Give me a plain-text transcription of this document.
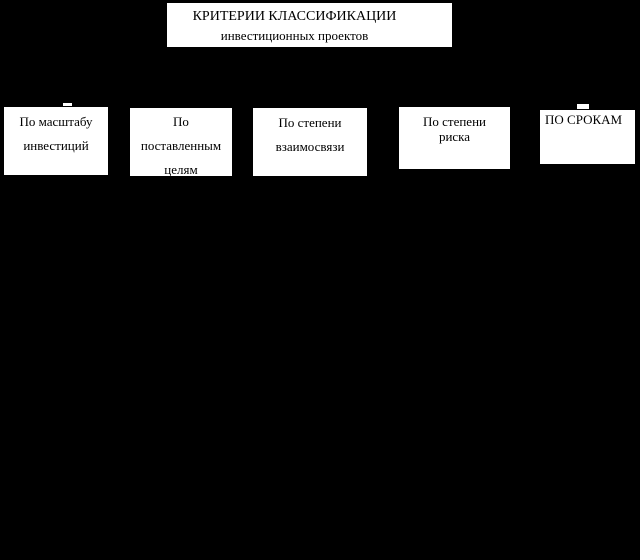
КРИТЕРИИ КЛАССИФИКАЦИИ
инвестиционных проектов
По масштабу
инвестиций
По
поставленным
целям
По степени
взаимосвязи
По степени
риска
ПО СРОКАМ
